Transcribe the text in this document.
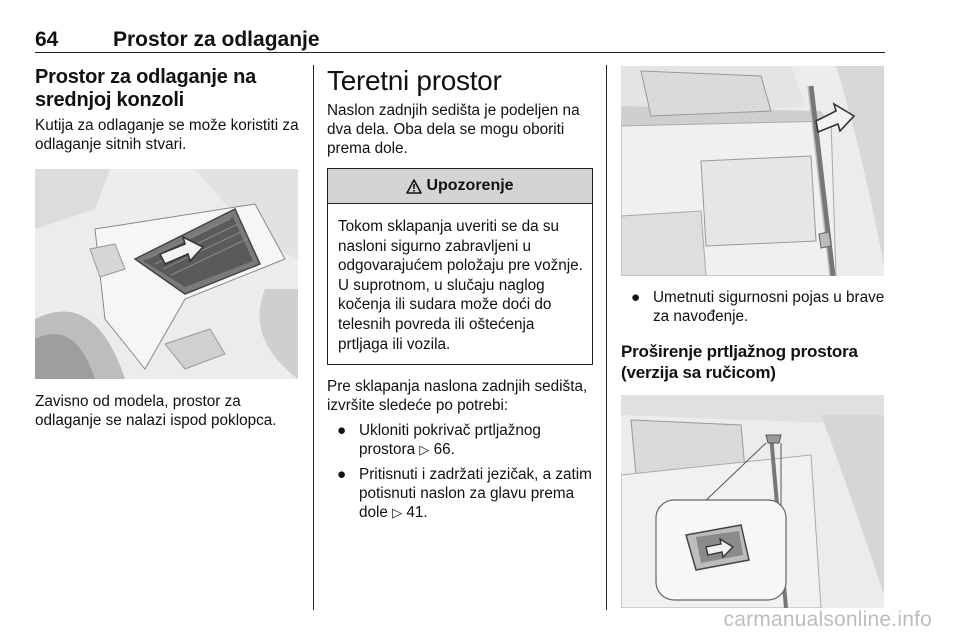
64	Prostor za odlaganje
Prostor za odlaganje na srednjoj konzoli

Kutija za odlaganje se može koristiti za odlaganje sitnih stvari.

Zavisno od modela, prostor za odlaganje se nalazi ispod poklopca.

Teretni prostor

Naslon zadnjih sedišta je podeljen na dva dela. Oba dela se mogu oboriti prema dole.

Upozorenje

Tokom sklapanja uveriti se da su nasloni sigurno zabravljeni u odgovarajućem položaju pre vožnje. U suprotnom, u slučaju naglog kočenja ili sudara može doći do telesnih povreda ili oštećenja prtljaga ili vozila.

Pre sklapanja naslona zadnjih sedišta, izvršite sledeće po potrebi:

● Ukloniti pokrivač prtljažnog prostora ▷ 66.
● Pritisnuti i zadržati jezičak, a zatim potisnuti naslon za glavu prema dole ▷ 41.
● Umetnuti sigurnosni pojas u brave za navođenje.
Proširenje prtljažnog prostora (verzija sa ručicom)
carmanualsonline.info
